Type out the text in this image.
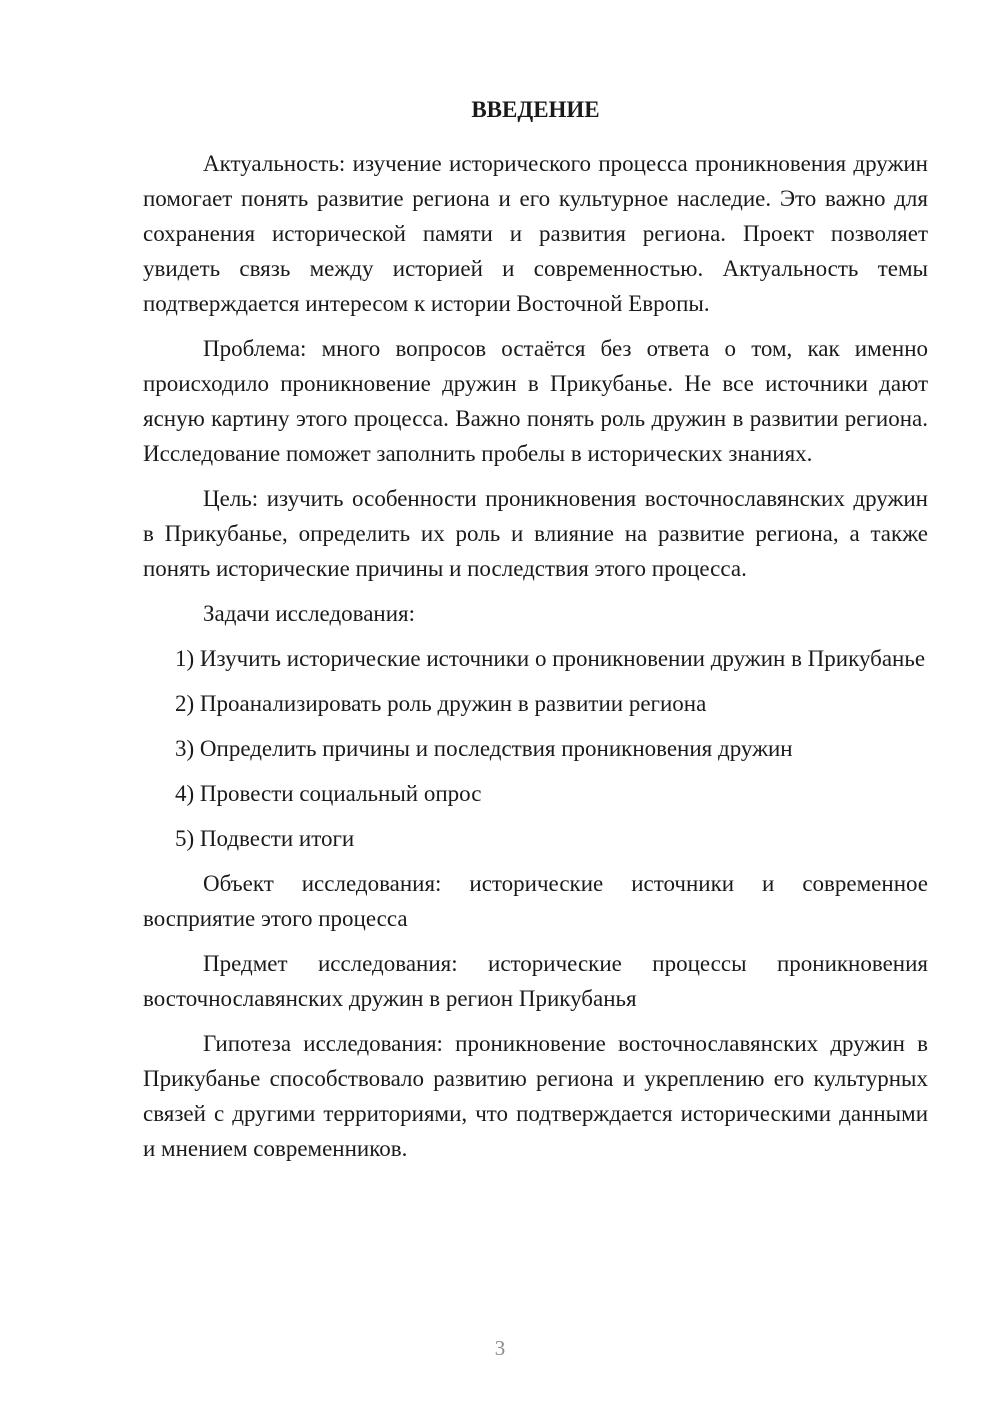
ВВЕДЕНИЕ

Актуальность: изучение исторического процесса проникновения дружин помогает понять развитие региона и его культурное наследие. Это важно для сохранения исторической памяти и развития региона. Проект позволяет увидеть связь между историей и современностью. Актуальность темы подтверждается интересом к истории Восточной Европы.

Проблема: много вопросов остаётся без ответа о том, как именно происходило проникновение дружин в Прикубанье. Не все источники дают ясную картину этого процесса. Важно понять роль дружин в развитии региона. Исследование поможет заполнить пробелы в исторических знаниях.

Цель: изучить особенности проникновения восточнославянских дружин в Прикубанье, определить их роль и влияние на развитие региона, а также понять исторические причины и последствия этого процесса.

Задачи исследования:

1) Изучить исторические источники о проникновении дружин в Прикубанье

2) Проанализировать роль дружин в развитии региона

3) Определить причины и последствия проникновения дружин

4) Провести социальный опрос

5) Подвести итоги

Объект исследования: исторические источники и современное восприятие этого процесса

Предмет исследования: исторические процессы проникновения восточнославянских дружин в регион Прикубанья

Гипотеза исследования: проникновение восточнославянских дружин в Прикубанье способствовало развитию региона и укреплению его культурных связей с другими территориями, что подтверждается историческими данными и мнением современников.

3
